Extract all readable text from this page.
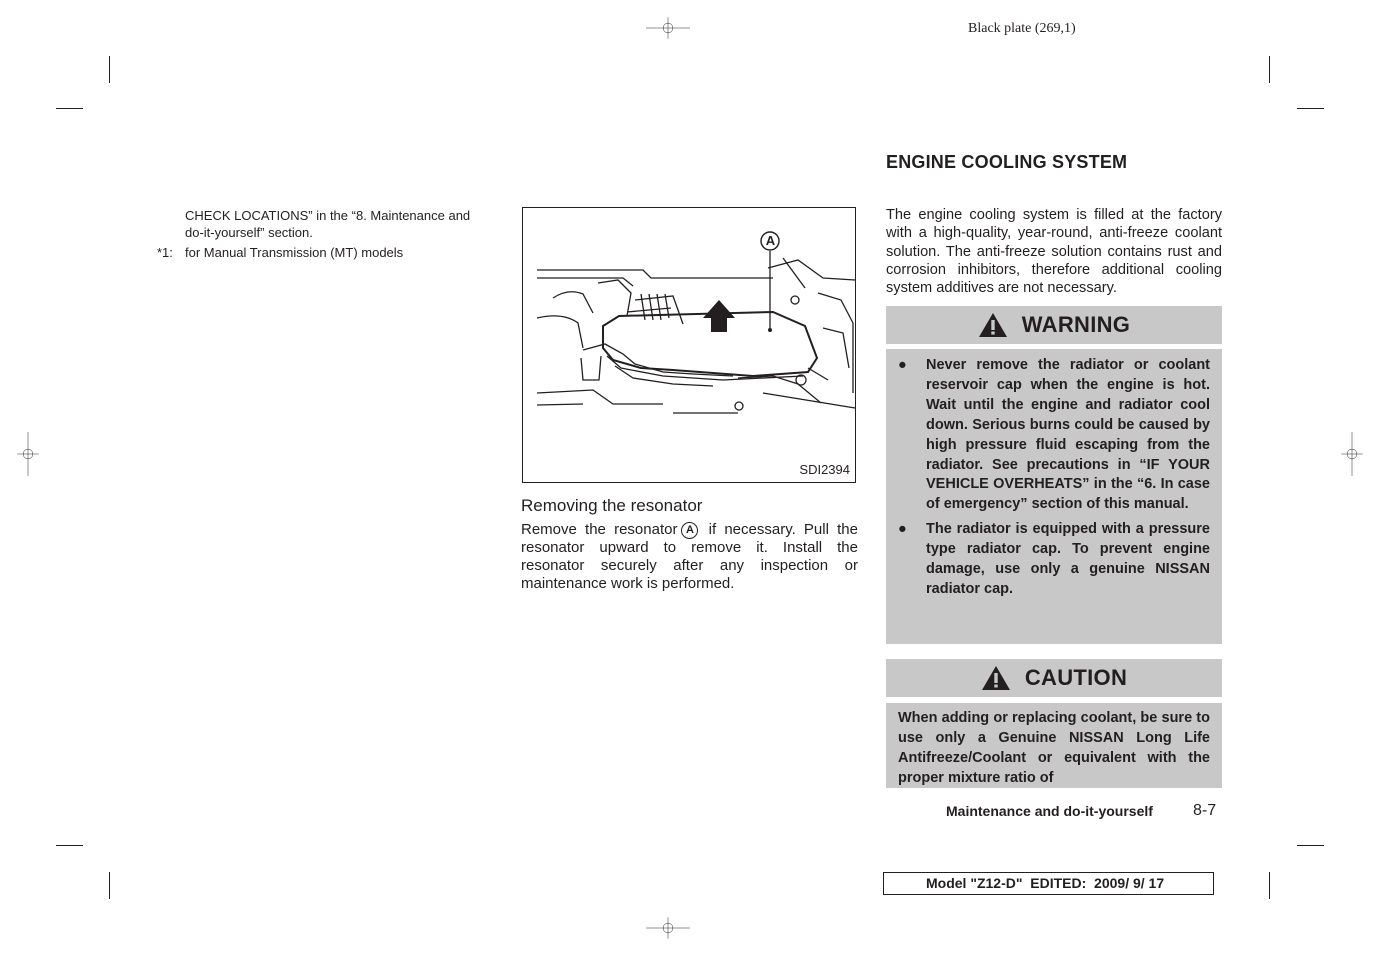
Black plate (269,1)
CHECK LOCATIONS” in the “8. Maintenance and
do-it-yourself” section.
*1: for Manual Transmission (MT) models
A
SDI2394
Removing the resonator
Remove the resonator A if necessary. Pull the resonator upward to remove it. Install the resonator securely after any inspection or maintenance work is performed.
ENGINE COOLING SYSTEM
The engine cooling system is filled at the factory with a high-quality, year-round, anti-freeze coolant solution. The anti-freeze solution contains rust and corrosion inhibitors, therefore additional cooling system additives are not necessary.
WARNING
●	Never remove the radiator or coolant reservoir cap when the engine is hot. Wait until the engine and radiator cool down. Serious burns could be caused by high pressure fluid escaping from the radiator. See precautions in “IF YOUR VEHICLE OVERHEATS” in the “6. In case of emergency” section of this manual.
●	The radiator is equipped with a pressure type radiator cap. To prevent engine damage, use only a genuine NISSAN radiator cap.
CAUTION
When adding or replacing coolant, be sure to use only a Genuine NISSAN Long Life Antifreeze/Coolant or equivalent with the proper mixture ratio of
Maintenance and do-it-yourself	8-7
Model "Z12-D"  EDITED:  2009/ 9/ 17
